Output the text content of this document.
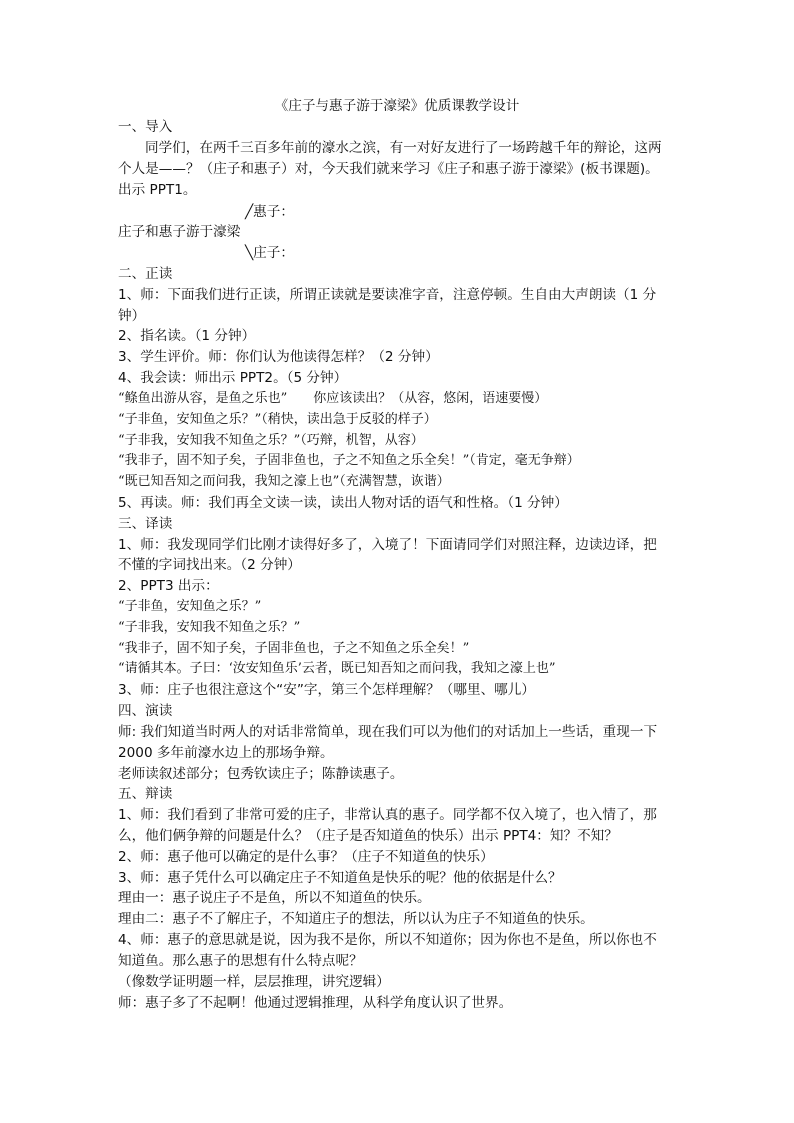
《庄子与惠子游于濠梁》优质课教学设计
一、导入
同学们，在两千三百多年前的濠水之滨，有一对好友进行了一场跨越千年的辩论，这两
个人是——？（庄子和惠子）对，今天我们就来学习《庄子和惠子游于濠梁》(板书课题)。
出示 PPT1。
╱惠子：
庄子和惠子游于濠梁
╲庄子：
二、正读
1、师：下面我们进行正读，所谓正读就是要读准字音，注意停顿。生自由大声朗读（1 分
钟）
2、指名读。（1 分钟）
3、学生评价。师：你们认为他读得怎样？（2 分钟）
4、我会读：师出示 PPT2。（5 分钟）
“鲦鱼出游从容，是鱼之乐也”　　你应该读出？（从容，悠闲，语速要慢）
“子非鱼，安知鱼之乐？”（稍快，读出急于反驳的样子）
“子非我，安知我不知鱼之乐？”（巧辩，机智，从容）
“我非子，固不知子矣，子固非鱼也，子之不知鱼之乐全矣！”（肯定，毫无争辩）
“既已知吾知之而问我，我知之濠上也”（充满智慧，诙谐）
5、再读。师：我们再全文读一读，读出人物对话的语气和性格。（1 分钟）
三、译读
1、师：我发现同学们比刚才读得好多了，入境了！下面请同学们对照注释，边读边译，把
不懂的字词找出来。（2 分钟）
2、PPT3 出示：
“子非鱼，安知鱼之乐？”
“子非我，安知我不知鱼之乐？”
“我非子，固不知子矣，子固非鱼也，子之不知鱼之乐全矣！”
“请循其本。子曰：‘汝安知鱼乐’云者，既已知吾知之而问我，我知之濠上也”
3、师：庄子也很注意这个“安”字，第三个怎样理解？（哪里、哪儿）
四、演读
师: 我们知道当时两人的对话非常简单，现在我们可以为他们的对话加上一些话，重现一下
2000 多年前濠水边上的那场争辩。
老师读叙述部分；包秀钦读庄子；陈静读惠子。
五、辩读
1、师：我们看到了非常可爱的庄子，非常认真的惠子。同学都不仅入境了，也入情了，那
么，他们俩争辩的问题是什么？（庄子是否知道鱼的快乐）出示 PPT4：知？不知？
2、师：惠子他可以确定的是什么事？（庄子不知道鱼的快乐）
3、师：惠子凭什么可以确定庄子不知道鱼是快乐的呢？他的依据是什么？
理由一：惠子说庄子不是鱼，所以不知道鱼的快乐。
理由二：惠子不了解庄子，不知道庄子的想法，所以认为庄子不知道鱼的快乐。
4、师：惠子的意思就是说，因为我不是你，所以不知道你；因为你也不是鱼，所以你也不
知道鱼。那么惠子的思想有什么特点呢？
（像数学证明题一样，层层推理，讲究逻辑）
师：惠子多了不起啊！他通过逻辑推理，从科学角度认识了世界。
